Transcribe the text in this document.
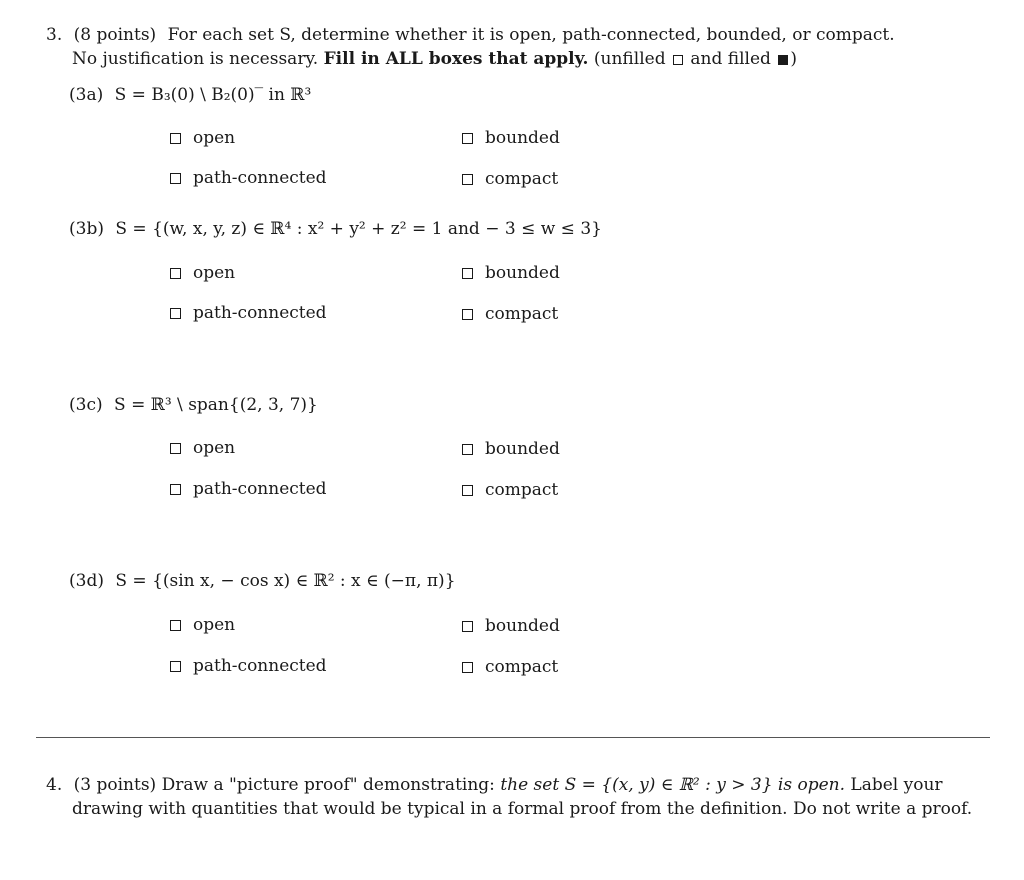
3. (8 points) For each set S, determine whether it is open, path-connected, bounded, or compact.
No justification is necessary. Fill in ALL boxes that apply. (unfilled and filled )
(3a) S = B₃(0) \ B₂(0)‾ in ℝ³
open	bounded
path-connected	compact
(3b) S = {(w, x, y, z) ∈ ℝ⁴ : x² + y² + z² = 1 and − 3 ≤ w ≤ 3}
open	bounded
path-connected	compact
(3c) S = ℝ³ \ span{(2, 3, 7)}
open	bounded
path-connected	compact
(3d) S = {(sin x, − cos x) ∈ ℝ² : x ∈ (−π, π)}
open	bounded
path-connected	compact
4. (3 points) Draw a "picture proof" demonstrating: the set S = {(x, y) ∈ ℝ² : y > 3} is open. Label your
drawing with quantities that would be typical in a formal proof from the definition. Do not write a proof.
